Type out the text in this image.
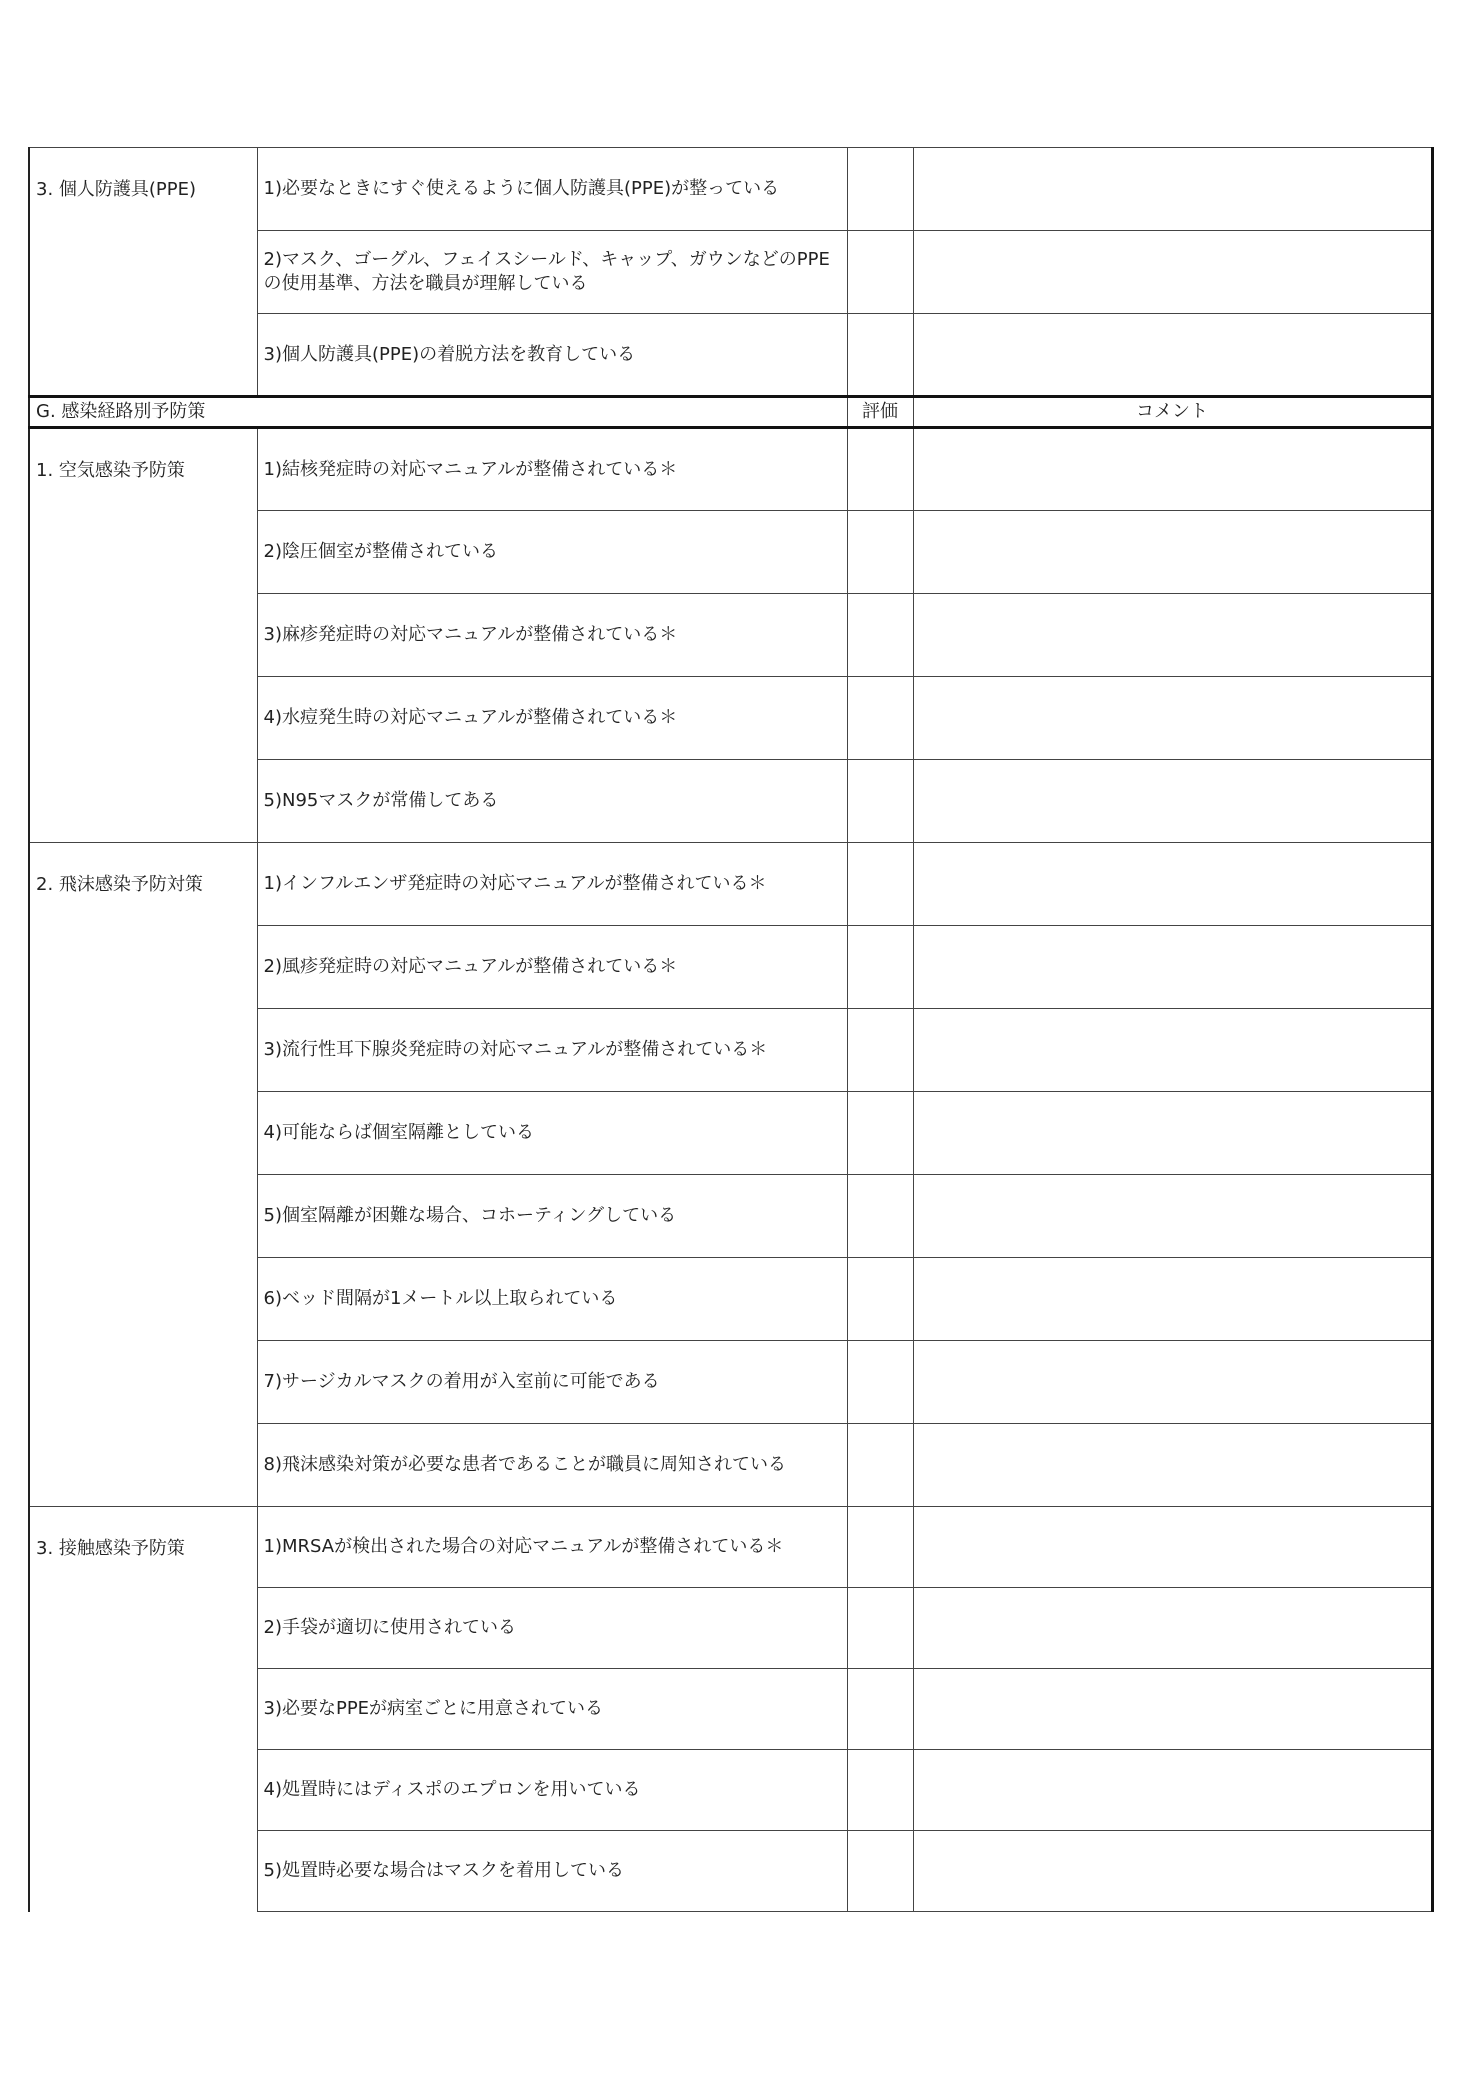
3. 個人防護具(PPE)	1)必要なときにすぐ使えるように個人防護具(PPE)が整っている		
	2)マスク、ゴーグル、フェイスシールド、キャップ、ガウンなどのPPEの使用基準、方法を職員が理解している		
	3)個人防護具(PPE)の着脱方法を教育している		
G. 感染経路別予防策		評価	コメント
1. 空気感染予防策	1)結核発症時の対応マニュアルが整備されている＊		
	2)陰圧個室が整備されている		
	3)麻疹発症時の対応マニュアルが整備されている＊		
	4)水痘発生時の対応マニュアルが整備されている＊		
	5)N95マスクが常備してある		
2. 飛沫感染予防対策	1)インフルエンザ発症時の対応マニュアルが整備されている＊		
	2)風疹発症時の対応マニュアルが整備されている＊		
	3)流行性耳下腺炎発症時の対応マニュアルが整備されている＊		
	4)可能ならば個室隔離としている		
	5)個室隔離が困難な場合、コホーティングしている		
	6)ベッド間隔が1メートル以上取られている		
	7)サージカルマスクの着用が入室前に可能である		
	8)飛沫感染対策が必要な患者であることが職員に周知されている		
3. 接触感染予防策	1)MRSAが検出された場合の対応マニュアルが整備されている＊		
	2)手袋が適切に使用されている		
	3)必要なPPEが病室ごとに用意されている		
	4)処置時にはディスポのエプロンを用いている		
	5)処置時必要な場合はマスクを着用している		
